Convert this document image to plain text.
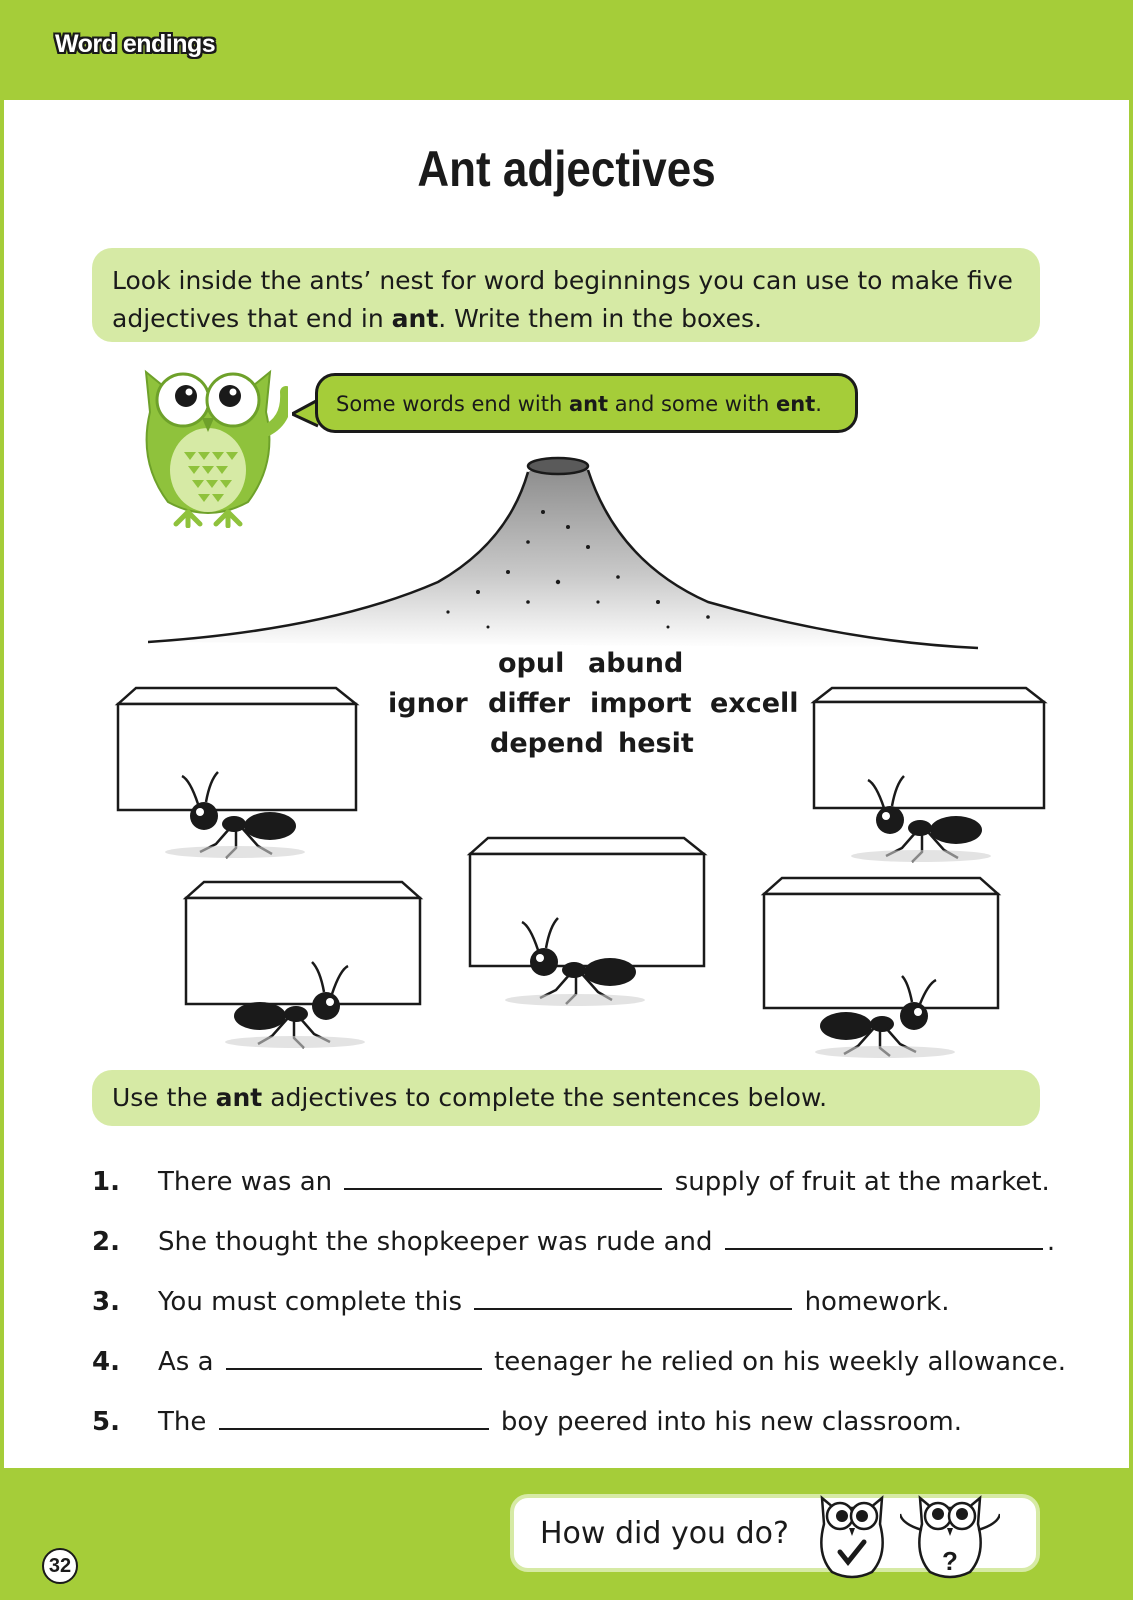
Word endings
Ant adjectives
Look inside the ants’ nest for word beginnings you can use to make five
adjectives that end in ant. Write them in the boxes.
Some words end with ant and some with ent.
opul abund
ignor differ import excell
depend hesit
Use the ant adjectives to complete the sentences below.
1. There was an	supply of fruit at the market.
2. She thought the shopkeeper was rude and	.
3. You must complete this	homework.
4. As a	teenager he relied on his weekly allowance.
5. The	boy peered into his new classroom.
32
How did you do?
?
